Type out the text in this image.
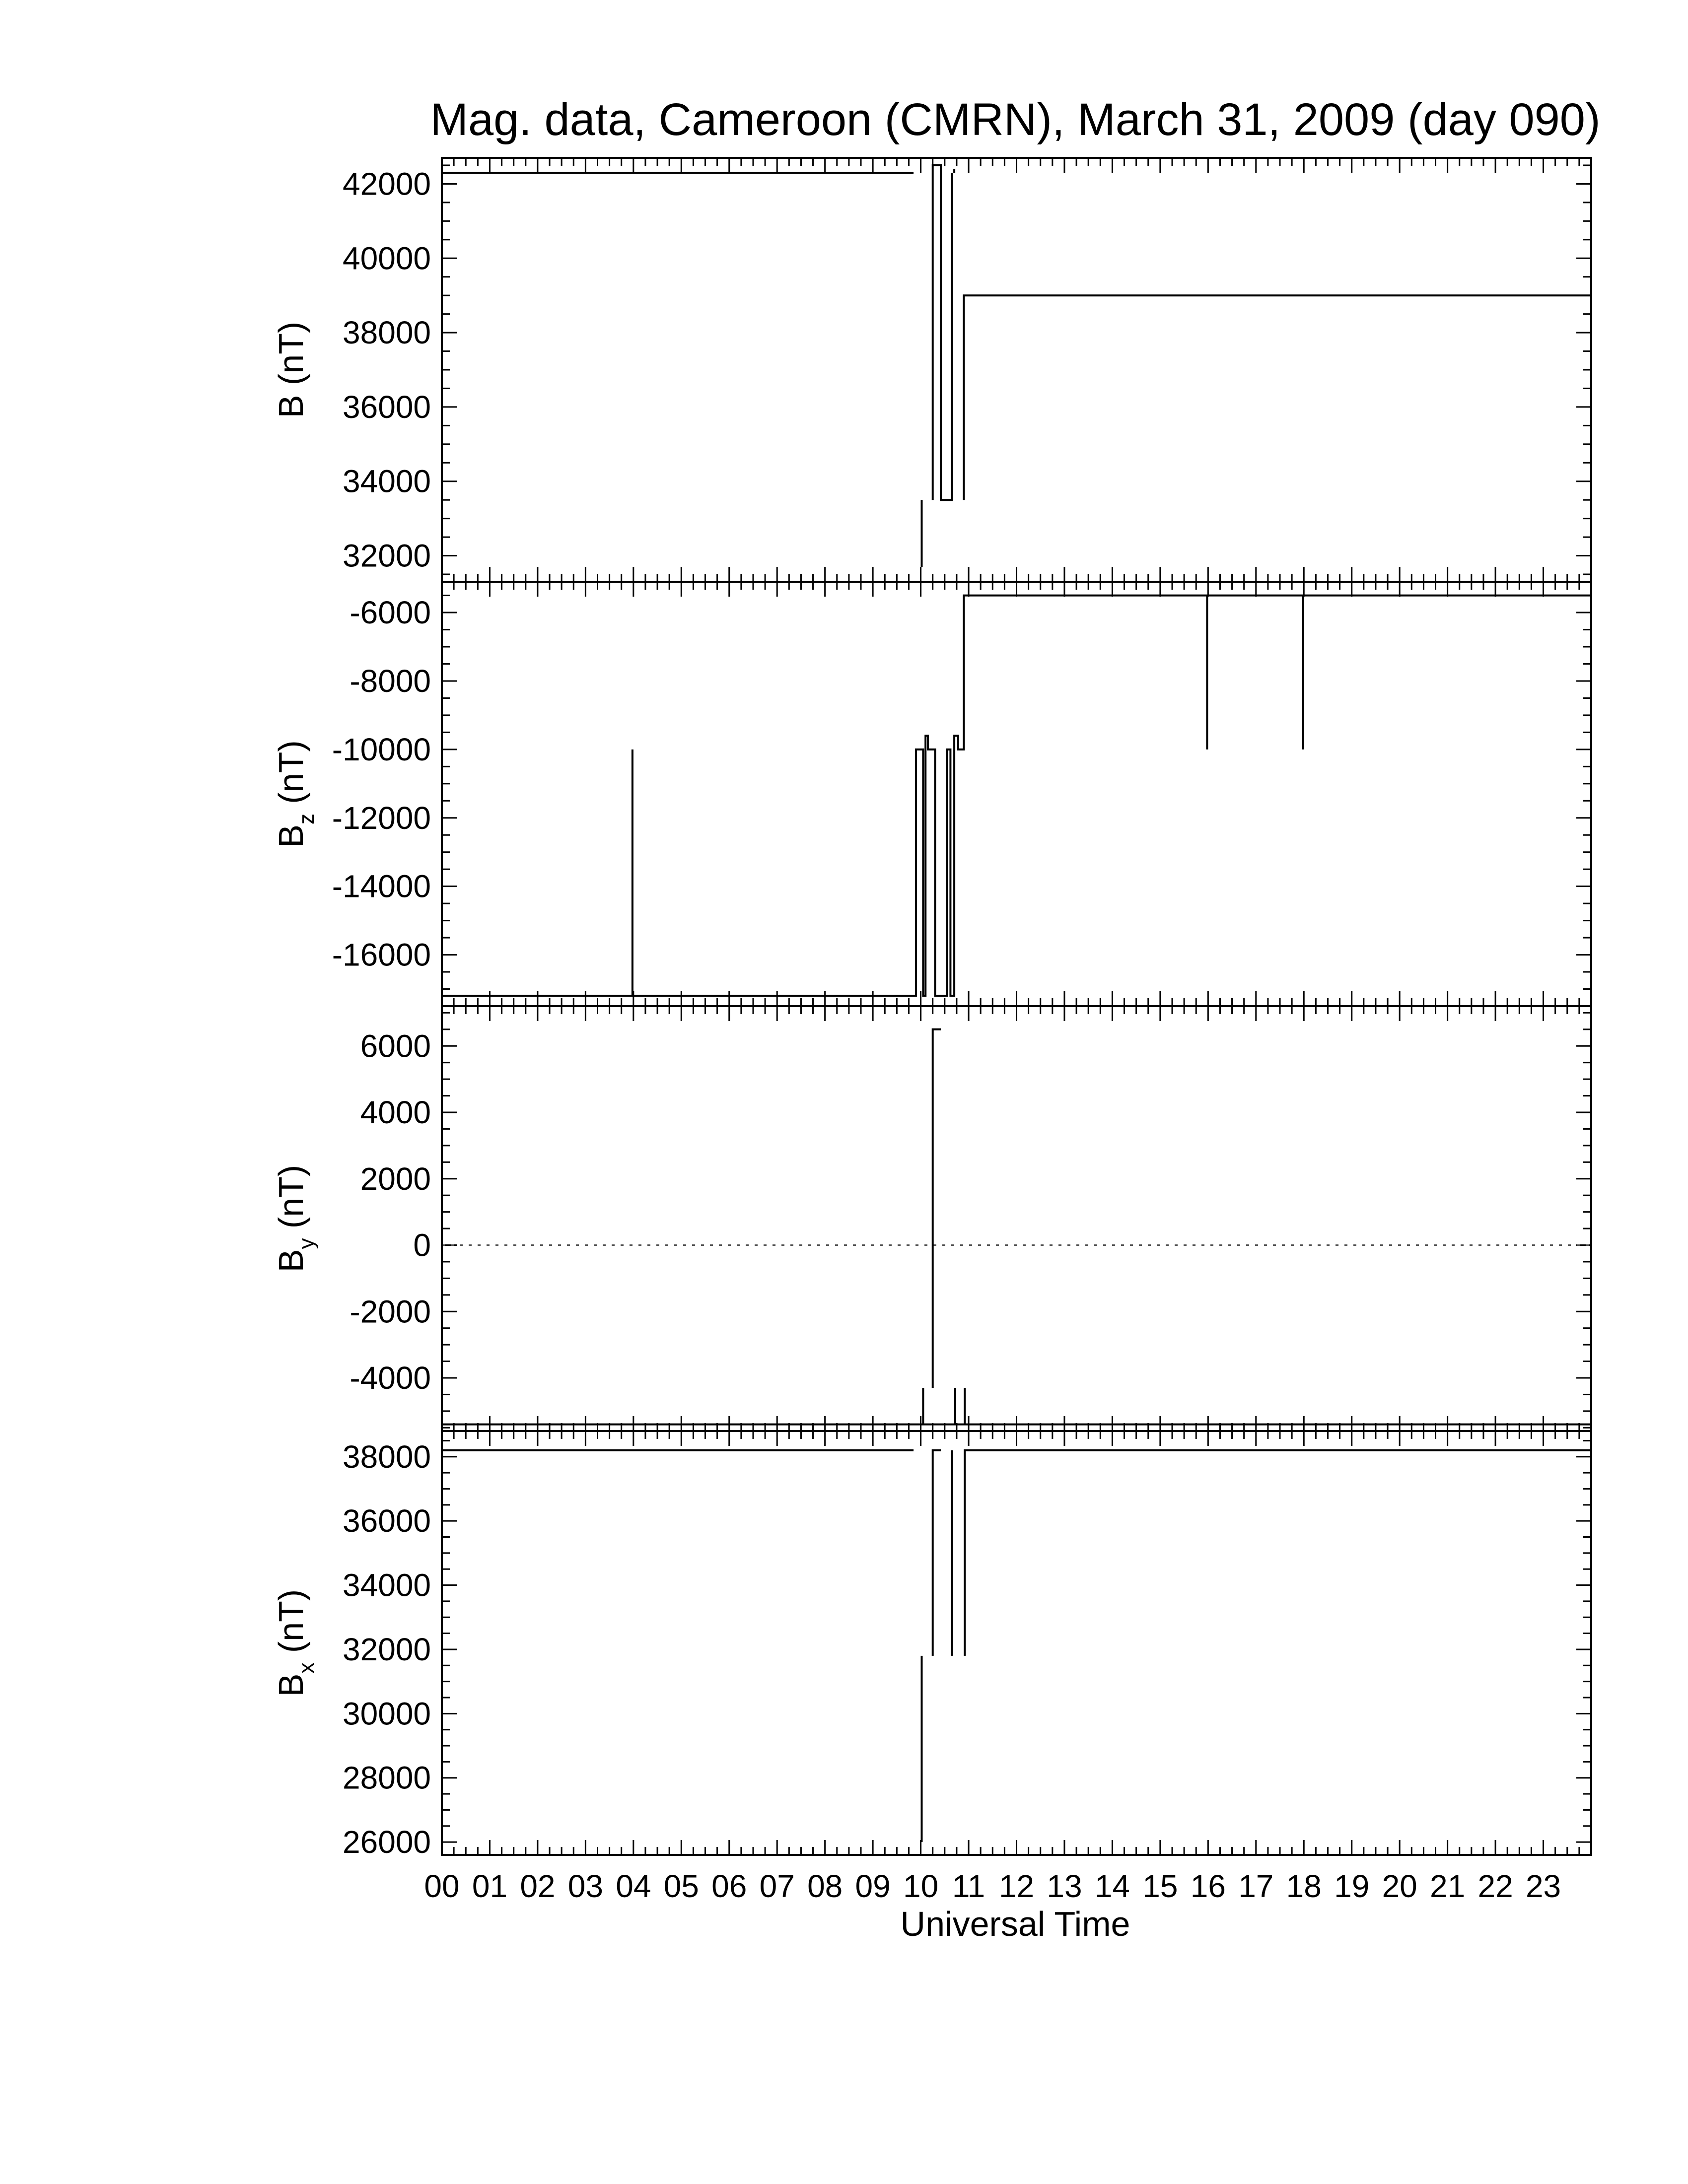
Mag. data, Cameroon (CMRN), March 31, 2009 (day 090)
32000
34000
36000
38000
40000
42000
B (nT)
-16000
-14000
-12000
-10000
-8000
-6000
$B_z$ (nT)
-4000
-2000
0
2000
4000
6000
$B_y$ (nT)
26000
28000
30000
32000
34000
36000
38000
$B_x$ (nT)
00 01 02 03 04 05 06 07 08 09 10 11 12 13 14 15 16 17 18 19 20 21 22 23
Universal Time
